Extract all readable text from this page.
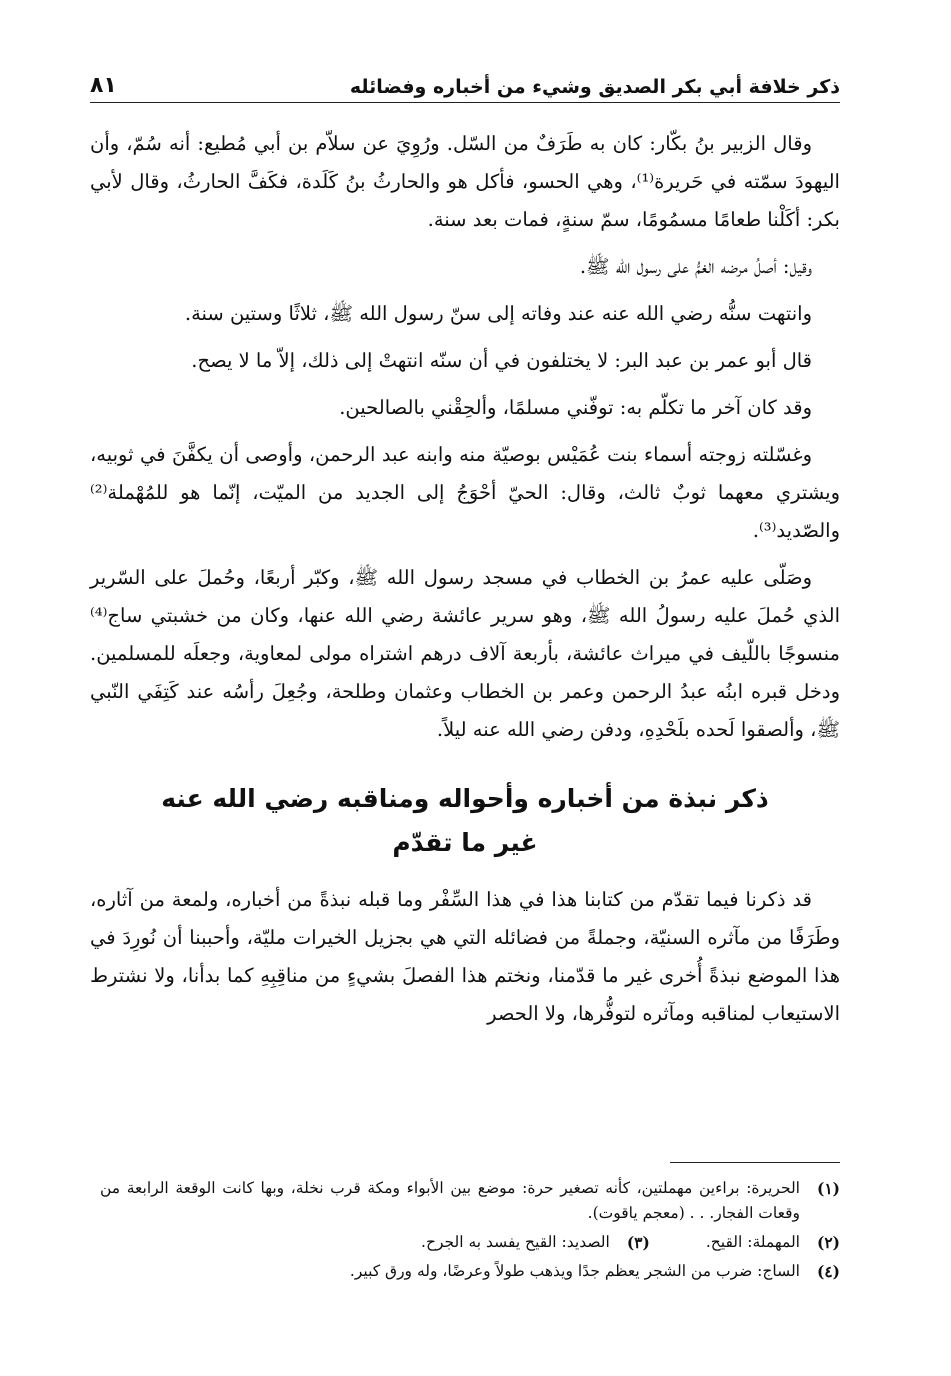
ذكر خلافة أبي بكر الصديق وشيء من أخباره وفضائله
٨١

وقال الزبير بنُ بكّار: كان به طَرَفٌ من السّل. ورُوِيَ عن سلاّم بن أبي مُطيع: أنه سُمّ، وأن اليهودَ سمّته في حَريرة⁽¹⁾، وهي الحسو، فأكل هو والحارثُ بنُ كَلَدة، فكَفَّ الحارثُ، وقال لأبي بكر: أكَلْنا طعامًا مسمُومًا، سمّ سنةٍ، فمات بعد سنة.

وقيل: أصلُ مرضه الغمُّ على رسول الله ﷺ.

وانتهت سنُّه رضي الله عنه عند وفاته إلى سنّ رسول الله ﷺ، ثلاثًا وستين سنة.

قال أبو عمر بن عبد البر: لا يختلفون في أن سنّه انتهتْ إلى ذلك، إلاّ ما لا يصح.

وقد كان آخر ما تكلّم به: توفّني مسلمًا، وألحِقْني بالصالحين.

وغسّلته زوجته أسماء بنت عُمَيْس بوصيّة منه وابنه عبد الرحمن، وأوصى أن يكفَّنَ في ثوبيه، ويشتري معهما ثوبٌ ثالث، وقال: الحيّ أحْوَجُ إلى الجديد من الميّت، إنّما هو للمُهْملة⁽²⁾ والصّديد⁽³⁾.

وصَلّى عليه عمرُ بن الخطاب في مسجد رسول الله ﷺ، وكبّر أربعًا، وحُملَ على السّرير الذي حُملَ عليه رسولُ الله ﷺ، وهو سرير عائشة رضي الله عنها، وكان من خشبتي ساج⁽⁴⁾ منسوجًا باللّيف في ميراث عائشة، بأربعة آلاف درهم اشتراه مولى لمعاوية، وجعلَه للمسلمين. ودخل قبره ابنُه عبدُ الرحمن وعمر بن الخطاب وعثمان وطلحة، وجُعِلَ رأسُه عند كَتِفَي النّبي ﷺ، وألصقوا لَحده بلَحْدِهِ، ودفن رضي الله عنه ليلاً.

ذكر نبذة من أخباره وأحواله ومناقبه رضي الله عنه
غير ما تقدّم

قد ذكرنا فيما تقدّم من كتابنا هذا في هذا السِّفْر وما قبله نبذةً من أخباره، ولمعة من آثاره، وطَرَفًا من مآثره السنيّة، وجملةً من فضائله التي هي بجزيل الخيرات مليّة، وأحببنا أن نُورِدَ في هذا الموضع نبذةً أُخرى غير ما قدّمنا، ونختم هذا الفصلَ بشيءٍ من مناقِبِهِ كما بدأنا، ولا نشترط الاستيعاب لمناقبه ومآثره لتوفُّرها، ولا الحصر

(١)
الحريرة: براءين مهملتين، كأنه تصغير حرة: موضع بين الأبواء ومكة قرب نخلة، وبها كانت الوقعة الرابعة من وقعات الفجار. . . (معجم ياقوت).
(٢)
المهملة: القيح.
(٣)
الصديد: القيح يفسد به الجرح.
(٤)
الساج: ضرب من الشجر يعظم جدًا ويذهب طولاً وعرضًا، وله ورق كبير.
